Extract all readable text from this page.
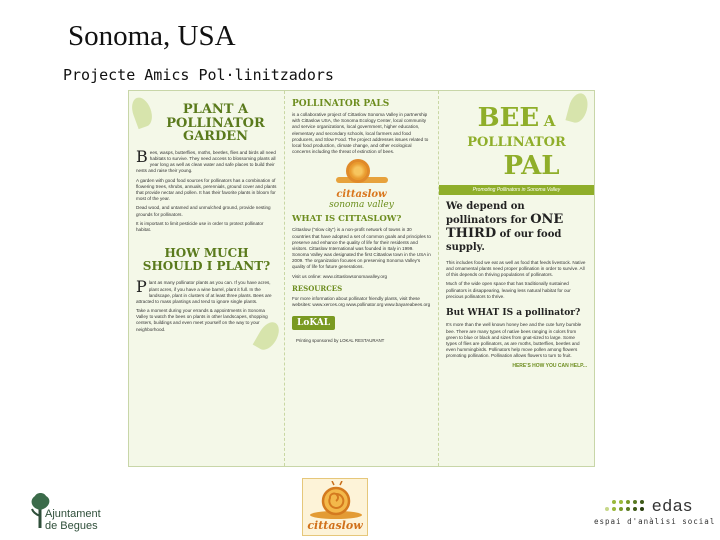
Sonoma, USA
Projecte Amics Pol·linitzadors
PLANT A POLLINATOR GARDEN

Bees, wasps, butterflies, moths, beetles, flies and birds all need habitats to survive. They need access to blossoming plants all year long as well as clean water and safe places to build their nests and raise their young.

A garden with good food sources for pollinators has a combination of flowering trees, shrubs, annuals, perennials, ground cover and plants that provide nectar and pollen. It has their favorite plants in bloom for most of the year.

Dead wood, and untamed and unmulched ground, provide nesting grounds for pollinators.

It is important to limit pesticide use in order to protect pollinator habitat.

HOW MUCH SHOULD I PLANT?

Plant as many pollinator plants as you can. If you have acres, plant acres, if you have a wine barrel, plant it full. In the landscape, plant in clusters of at least three plants. Bees are attracted to mass plantings and tend to ignore single plants.

Take a moment during your errands & appointments in Sonoma Valley to watch the bees on plants in other landscapes, shopping centers, buildings and even meet yourself on the way to your neighborhood.

POLLINATOR PALS

is a collaborative project of Cittaslow Sonoma Valley in partnership with Cittaslow USA, the Sonoma Ecology Center, local community and service organizations, local government, higher education, elementary and secondary schools, local farmers and food producers, and Slow Food. The project addresses issues related to local food production, climate change, and other ecological concerns including the threat of extinction of bees.

cittaslow
sonoma valley
WHAT IS CITTASLOW?

Cittaslow ("slow city") is a non-profit network of towns in 30 countries that have adopted a set of common goals and principles to preserve and enhance the quality of life for their residents and visitors. Cittaslow International was founded in Italy in 1999. Sonoma Valley was designated the first Cittaslow town in the USA in 2009. The organization focuses on preserving Sonoma Valley's quality of life for future generations.

Visit us online: www.cittaslowsonomavalley.org

RESOURCES

For more information about pollinator friendly plants, visit these websites: www.xerces.org www.pollinator.org www.bayareabees.org

LoKAL Printing sponsored by LOKAL RESTAURANT
BEE A
POLLINATOR
PAL
Promoting Pollinators in Sonoma Valley
We depend on pollinators for ONE THIRD of our food supply.

This includes food we eat as well as food that feeds livestock. Native and ornamental plants need proper pollination in order to survive. All of this depends on thriving populations of pollinators.

Much of the wide open space that has traditionally sustained pollinators is disappearing, leaving less natural habitat for our precious pollinators to thrive.

But WHAT IS a pollinator?

It's more than the well known honey bee and the cute furry bumble bee. There are many types of native bees ranging in colors from green to blue or black and sizes from gnat-sized to large. Some types of flies are pollinators, as are moths, butterflies, beetles and even hummingbirds. Pollinators help move pollen among flowers promoting pollination. Pollination allows flowers to turn to fruit.

HERE'S HOW YOU CAN HELP...
Ajuntament
de Begues	cittaslow
edas
espai d'anàlisi social
